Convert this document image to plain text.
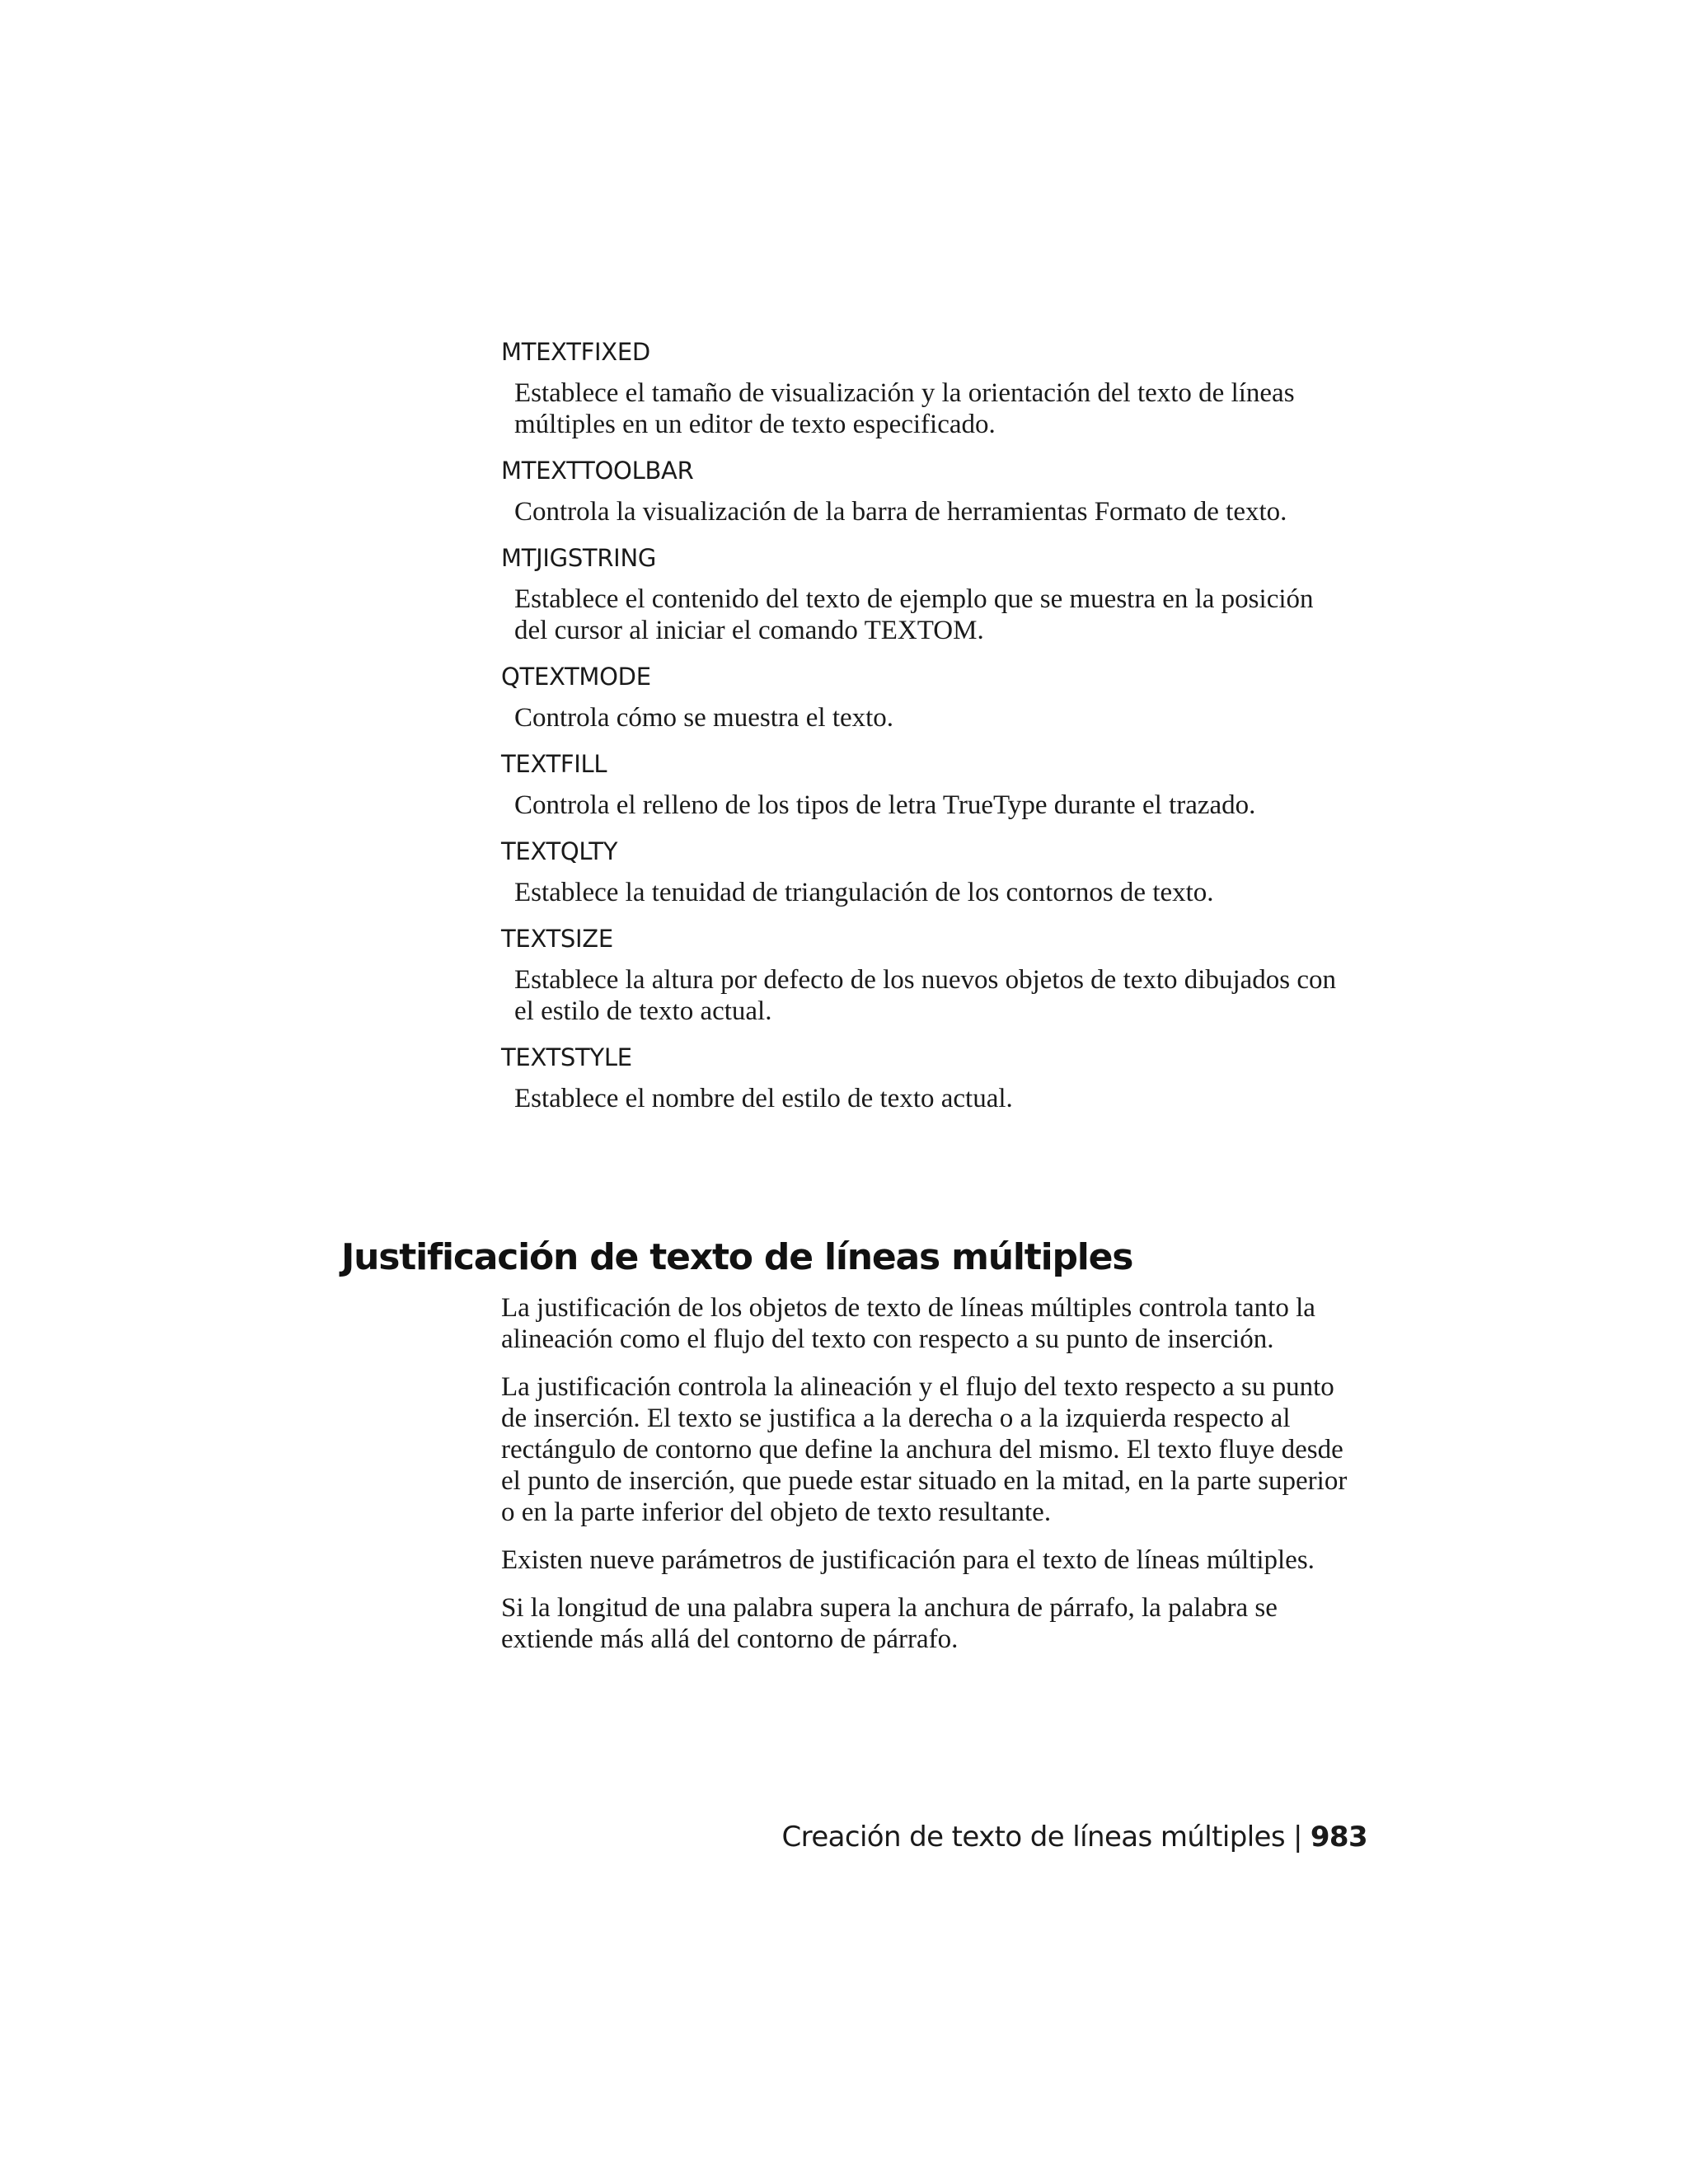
MTEXTFIXED
Establece el tamaño de visualización y la orientación del texto de líneas
múltiples en un editor de texto especificado.
MTEXTTOOLBAR
Controla la visualización de la barra de herramientas Formato de texto.
MTJIGSTRING
Establece el contenido del texto de ejemplo que se muestra en la posición
del cursor al iniciar el comando TEXTOM.
QTEXTMODE
Controla cómo se muestra el texto.
TEXTFILL
Controla el relleno de los tipos de letra TrueType durante el trazado.
TEXTQLTY
Establece la tenuidad de triangulación de los contornos de texto.
TEXTSIZE
Establece la altura por defecto de los nuevos objetos de texto dibujados con
el estilo de texto actual.
TEXTSTYLE
Establece el nombre del estilo de texto actual.
Justificación de texto de líneas múltiples

La justificación de los objetos de texto de líneas múltiples controla tanto la
alineación como el flujo del texto con respecto a su punto de inserción.

La justificación controla la alineación y el flujo del texto respecto a su punto
de inserción. El texto se justifica a la derecha o a la izquierda respecto al
rectángulo de contorno que define la anchura del mismo. El texto fluye desde
el punto de inserción, que puede estar situado en la mitad, en la parte superior
o en la parte inferior del objeto de texto resultante.

Existen nueve parámetros de justificación para el texto de líneas múltiples.

Si la longitud de una palabra supera la anchura de párrafo, la palabra se
extiende más allá del contorno de párrafo.

Creación de texto de líneas múltiples | 983
